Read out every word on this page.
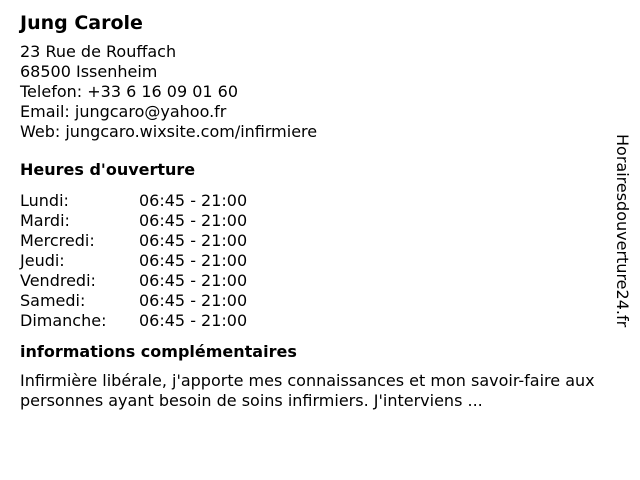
Jung Carole
23 Rue de Rouffach
68500 Issenheim
Telefon: +33 6 16 09 01 60
Email: jungcaro@yahoo.fr
Web: jungcaro.wixsite.com/infirmiere
Heures d'ouverture
Lundi:	06:45 - 21:00
Mardi:	06:45 - 21:00
Mercredi:	06:45 - 21:00
Jeudi:	06:45 - 21:00
Vendredi:	06:45 - 21:00
Samedi:	06:45 - 21:00
Dimanche:	06:45 - 21:00
informations complémentaires
Infirmière libérale, j'apporte mes connaissances et mon savoir-faire aux personnes ayant besoin de soins infirmiers. J'interviens ...
Horairesdouverture24.fr
